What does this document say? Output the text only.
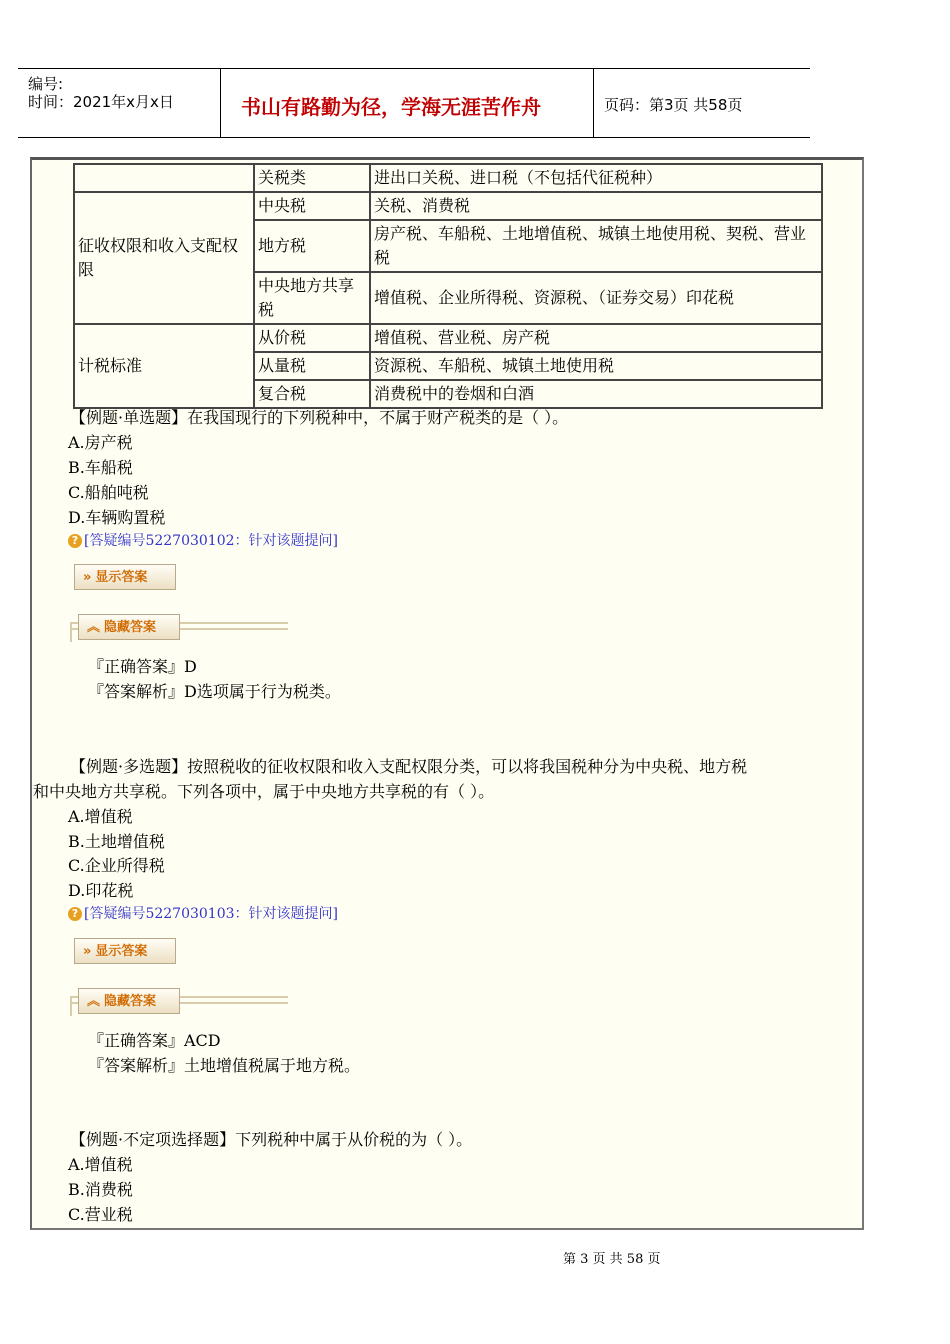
编号:
时间：2021年x月x日	书山有路勤为径，学海无涯苦作舟	页码：第3页 共58页
	关税类	进出口关税、进口税（不包括代征税种）
征收权限和收入支配权限	中央税	关税、消费税
	地方税	房产税、车船税、土地增值税、城镇土地使用税、契税、营业税
	中央地方共享税	增值税、企业所得税、资源税、（证券交易）印花税
计税标准	从价税	增值税、营业税、房产税
	从量税	资源税、车船税、城镇土地使用税
	复合税	消费税中的卷烟和白酒
【例题·单选题】在我国现行的下列税种中，不属于财产税类的是（ ）。
A.房产税
B.车船税
C.船舶吨税
D.车辆购置税
? [答疑编号5227030102：针对该题提问]
» 显示答案
︽ 隐藏答案
『正确答案』D
『答案解析』D选项属于行为税类。
【例题·多选题】按照税收的征收权限和收入支配权限分类，可以将我国税种分为中央税、地方税
和中央地方共享税。下列各项中，属于中央地方共享税的有（ ）。
A.增值税
B.土地增值税
C.企业所得税
D.印花税
? [答疑编号5227030103：针对该题提问]
» 显示答案
︽ 隐藏答案
『正确答案』ACD
『答案解析』土地增值税属于地方税。
【例题·不定项选择题】下列税种中属于从价税的为（ ）。
A.增值税
B.消费税
C.营业税
第 3 页 共 58 页
